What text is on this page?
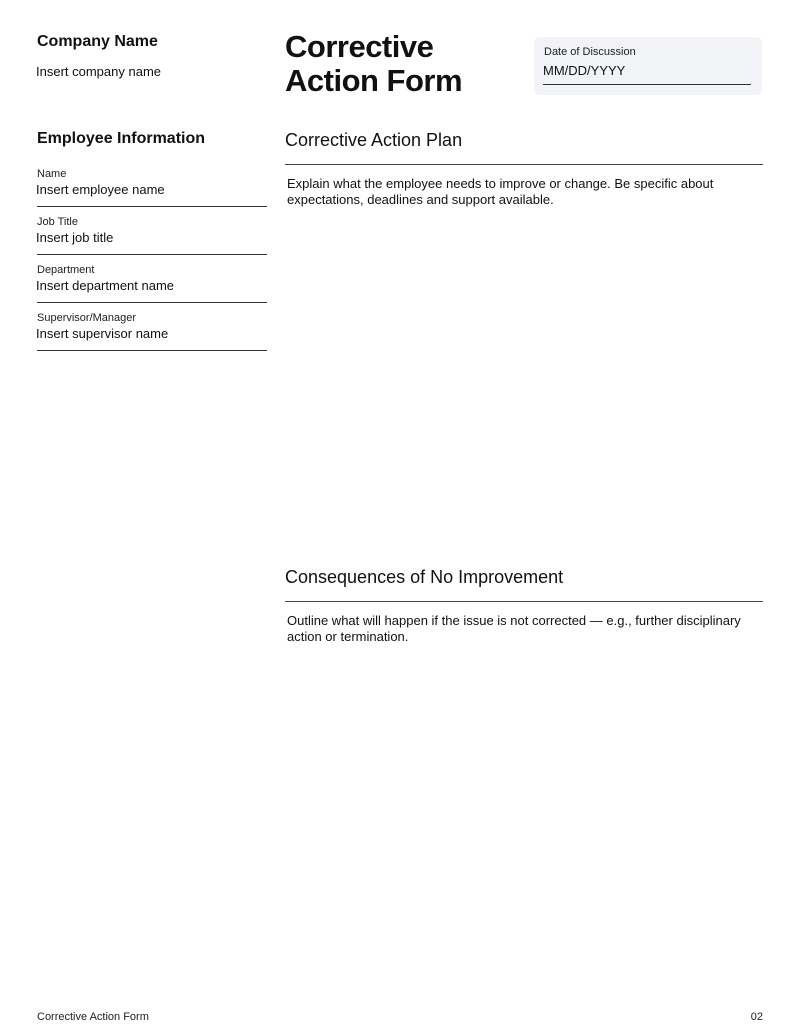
Company Name
Insert company name
Corrective
Action Form
Date of Discussion
MM/DD/YYYY
Employee Information
Name
Insert employee name
Job Title
Insert job title
Department
Insert department name
Supervisor/Manager
Insert supervisor name
Corrective Action Plan
Explain what the employee needs to improve or change. Be specific about expectations, deadlines and support available.
Consequences of No Improvement
Outline what will happen if the issue is not corrected — e.g., further disciplinary action or termination.
Corrective Action Form	02
